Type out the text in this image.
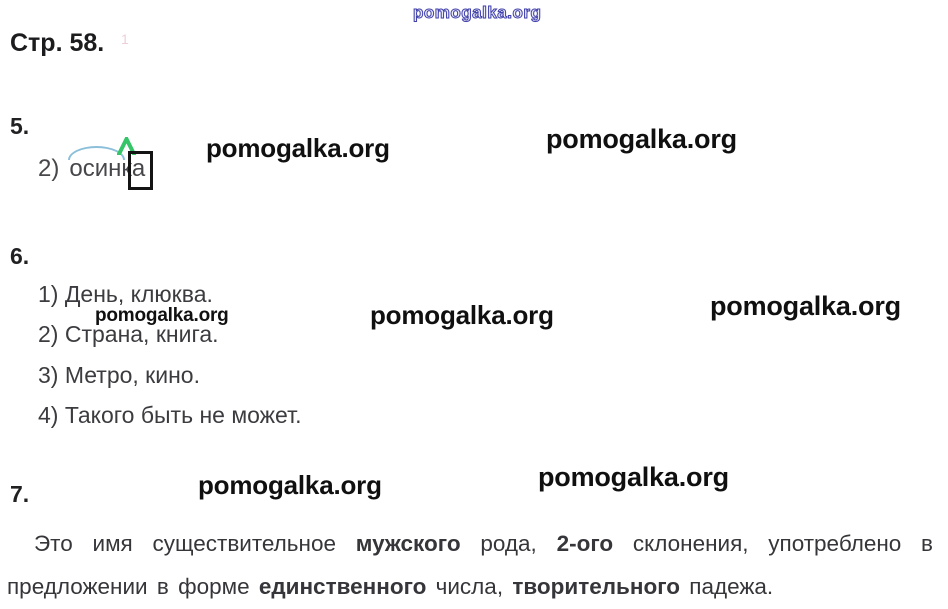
pomogalka.org
Стр. 58. 1
5.
2) осин
к
а
pomogalka.org	pomogalka.org
6.
1) День, клюква.
pomogalka.org
2) Страна, книга.
pomogalka.org	pomogalka.org
3) Метро, кино.
4) Такого быть не может.
7.	pomogalka.org	pomogalka.org
Это имя существительное мужского рода, 2-ого склонения, употреблено в предложении в форме единственного числа, творительного падежа.
